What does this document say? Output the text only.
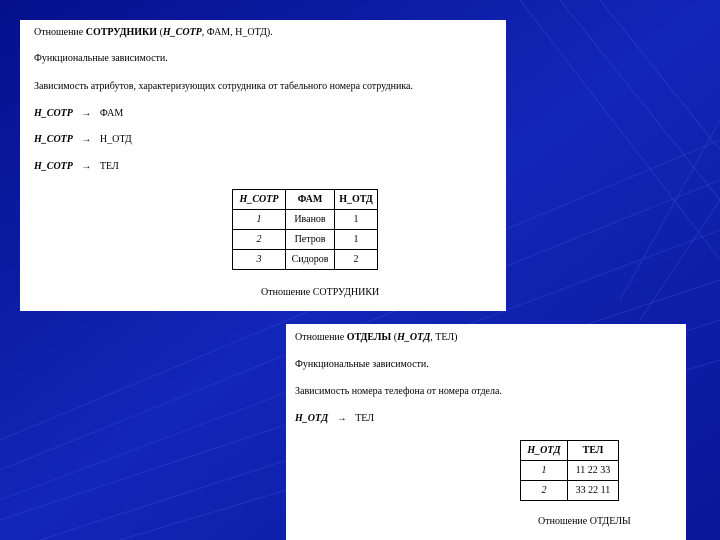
Отношение СОТРУДНИКИ (Н_СОТР, ФАМ, Н_ОТД).
Функциональные зависимости.
Зависимость атрибутов, характеризующих сотрудника от табельного номера сотрудника.
Н_СОТР → ФАМ
Н_СОТР → Н_ОТД
Н_СОТР → ТЕЛ
Н_СОТР	ФАМ	Н_ОТД
1	Иванов	1
2	Петров	1
3	Сидоров	2
Отношение СОТРУДНИКИ
Отношение ОТДЕЛЫ (Н_ОТД, ТЕЛ)
Функциональные зависимости.
Зависимость номера телефона от номера отдела.
Н_ОТД → ТЕЛ
Н_ОТД	ТЕЛ
1	11 22 33
2	33 22 11
Отношение ОТДЕЛЫ
